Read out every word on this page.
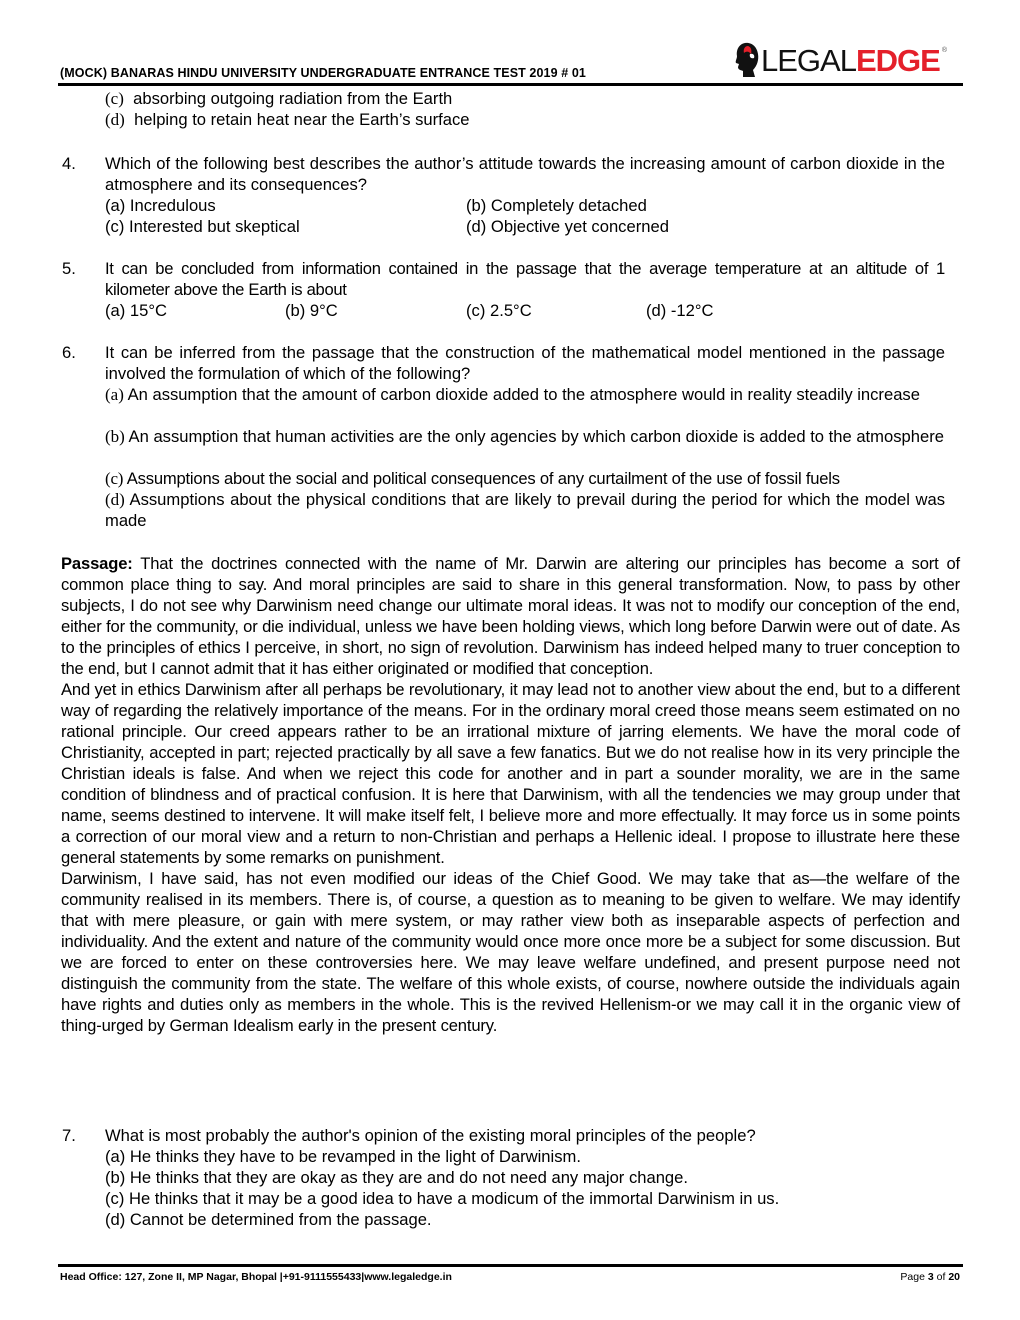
(MOCK) BANARAS HINDU UNIVERSITY UNDERGRADUATE ENTRANCE TEST 2019 # 01	LEGAL EDGE ®
(c) absorbing outgoing radiation from the Earth
(d) helping to retain heat near the Earth’s surface
4. Which of the following best describes the author’s attitude towards the increasing amount of carbon dioxide in the atmosphere and its consequences?
(a) Incredulous	(b) Completely detached
(c) Interested but skeptical	(d) Objective yet concerned
5. It can be concluded from information contained in the passage that the average temperature at an altitude of 1 kilometer above the Earth is about
(a) 15°C	(b) 9°C	(c) 2.5°C	(d) -12°C
6. It can be inferred from the passage that the construction of the mathematical model mentioned in the passage involved the formulation of which of the following?
(a) An assumption that the amount of carbon dioxide added to the atmosphere would in reality steadily increase
(b) An assumption that human activities are the only agencies by which carbon dioxide is added to the atmosphere
(c) Assumptions about the social and political consequences of any curtailment of the use of fossil fuels
(d) Assumptions about the physical conditions that are likely to prevail during the period for which the model was made

Passage: That the doctrines connected with the name of Mr. Darwin are altering our principles has become a sort of common place thing to say. And moral principles are said to share in this general transformation. Now, to pass by other subjects, I do not see why Darwinism need change our ultimate moral ideas. It was not to modify our conception of the end, either for the community, or die individual, unless we have been holding views, which long before Darwin were out of date. As to the principles of ethics I perceive, in short, no sign of revolution. Darwinism has indeed helped many to truer conception to the end, but I cannot admit that it has either originated or modified that conception.

And yet in ethics Darwinism after all perhaps be revolutionary, it may lead not to another view about the end, but to a different way of regarding the relatively importance of the means. For in the ordinary moral creed those means seem estimated on no rational principle. Our creed appears rather to be an irrational mixture of jarring elements. We have the moral code of Christianity, accepted in part; rejected practically by all save a few fanatics. But we do not realise how in its very principle the Christian ideals is false. And when we reject this code for another and in part a sounder morality, we are in the same condition of blindness and of practical confusion. It is here that Darwinism, with all the tendencies we may group under that name, seems destined to intervene. It will make itself felt, I believe more and more effectually. It may force us in some points a correction of our moral view and a return to non-Christian and perhaps a Hellenic ideal. I propose to illustrate here these general statements by some remarks on punishment.

Darwinism, I have said, has not even modified our ideas of the Chief Good. We may take that as—the welfare of the community realised in its members. There is, of course, a question as to meaning to be given to welfare. We may identify that with mere pleasure, or gain with mere system, or may rather view both as inseparable aspects of perfection and individuality. And the extent and nature of the community would once more once more be a subject for some discussion. But we are forced to enter on these controversies here. We may leave welfare undefined, and present purpose need not distinguish the community from the state. The welfare of this whole exists, of course, nowhere outside the individuals again have rights and duties only as members in the whole. This is the revived Hellenism-or we may call it in the organic view of thing-urged by German Idealism early in the present century.

7. What is most probably the author's opinion of the existing moral principles of the people?
(a) He thinks they have to be revamped in the light of Darwinism.
(b) He thinks that they are okay as they are and do not need any major change.
(c) He thinks that it may be a good idea to have a modicum of the immortal Darwinism in us.
(d) Cannot be determined from the passage.
Head Office: 127, Zone II, MP Nagar, Bhopal |+91-9111555433|www.legaledge.in	Page 3 of 20
